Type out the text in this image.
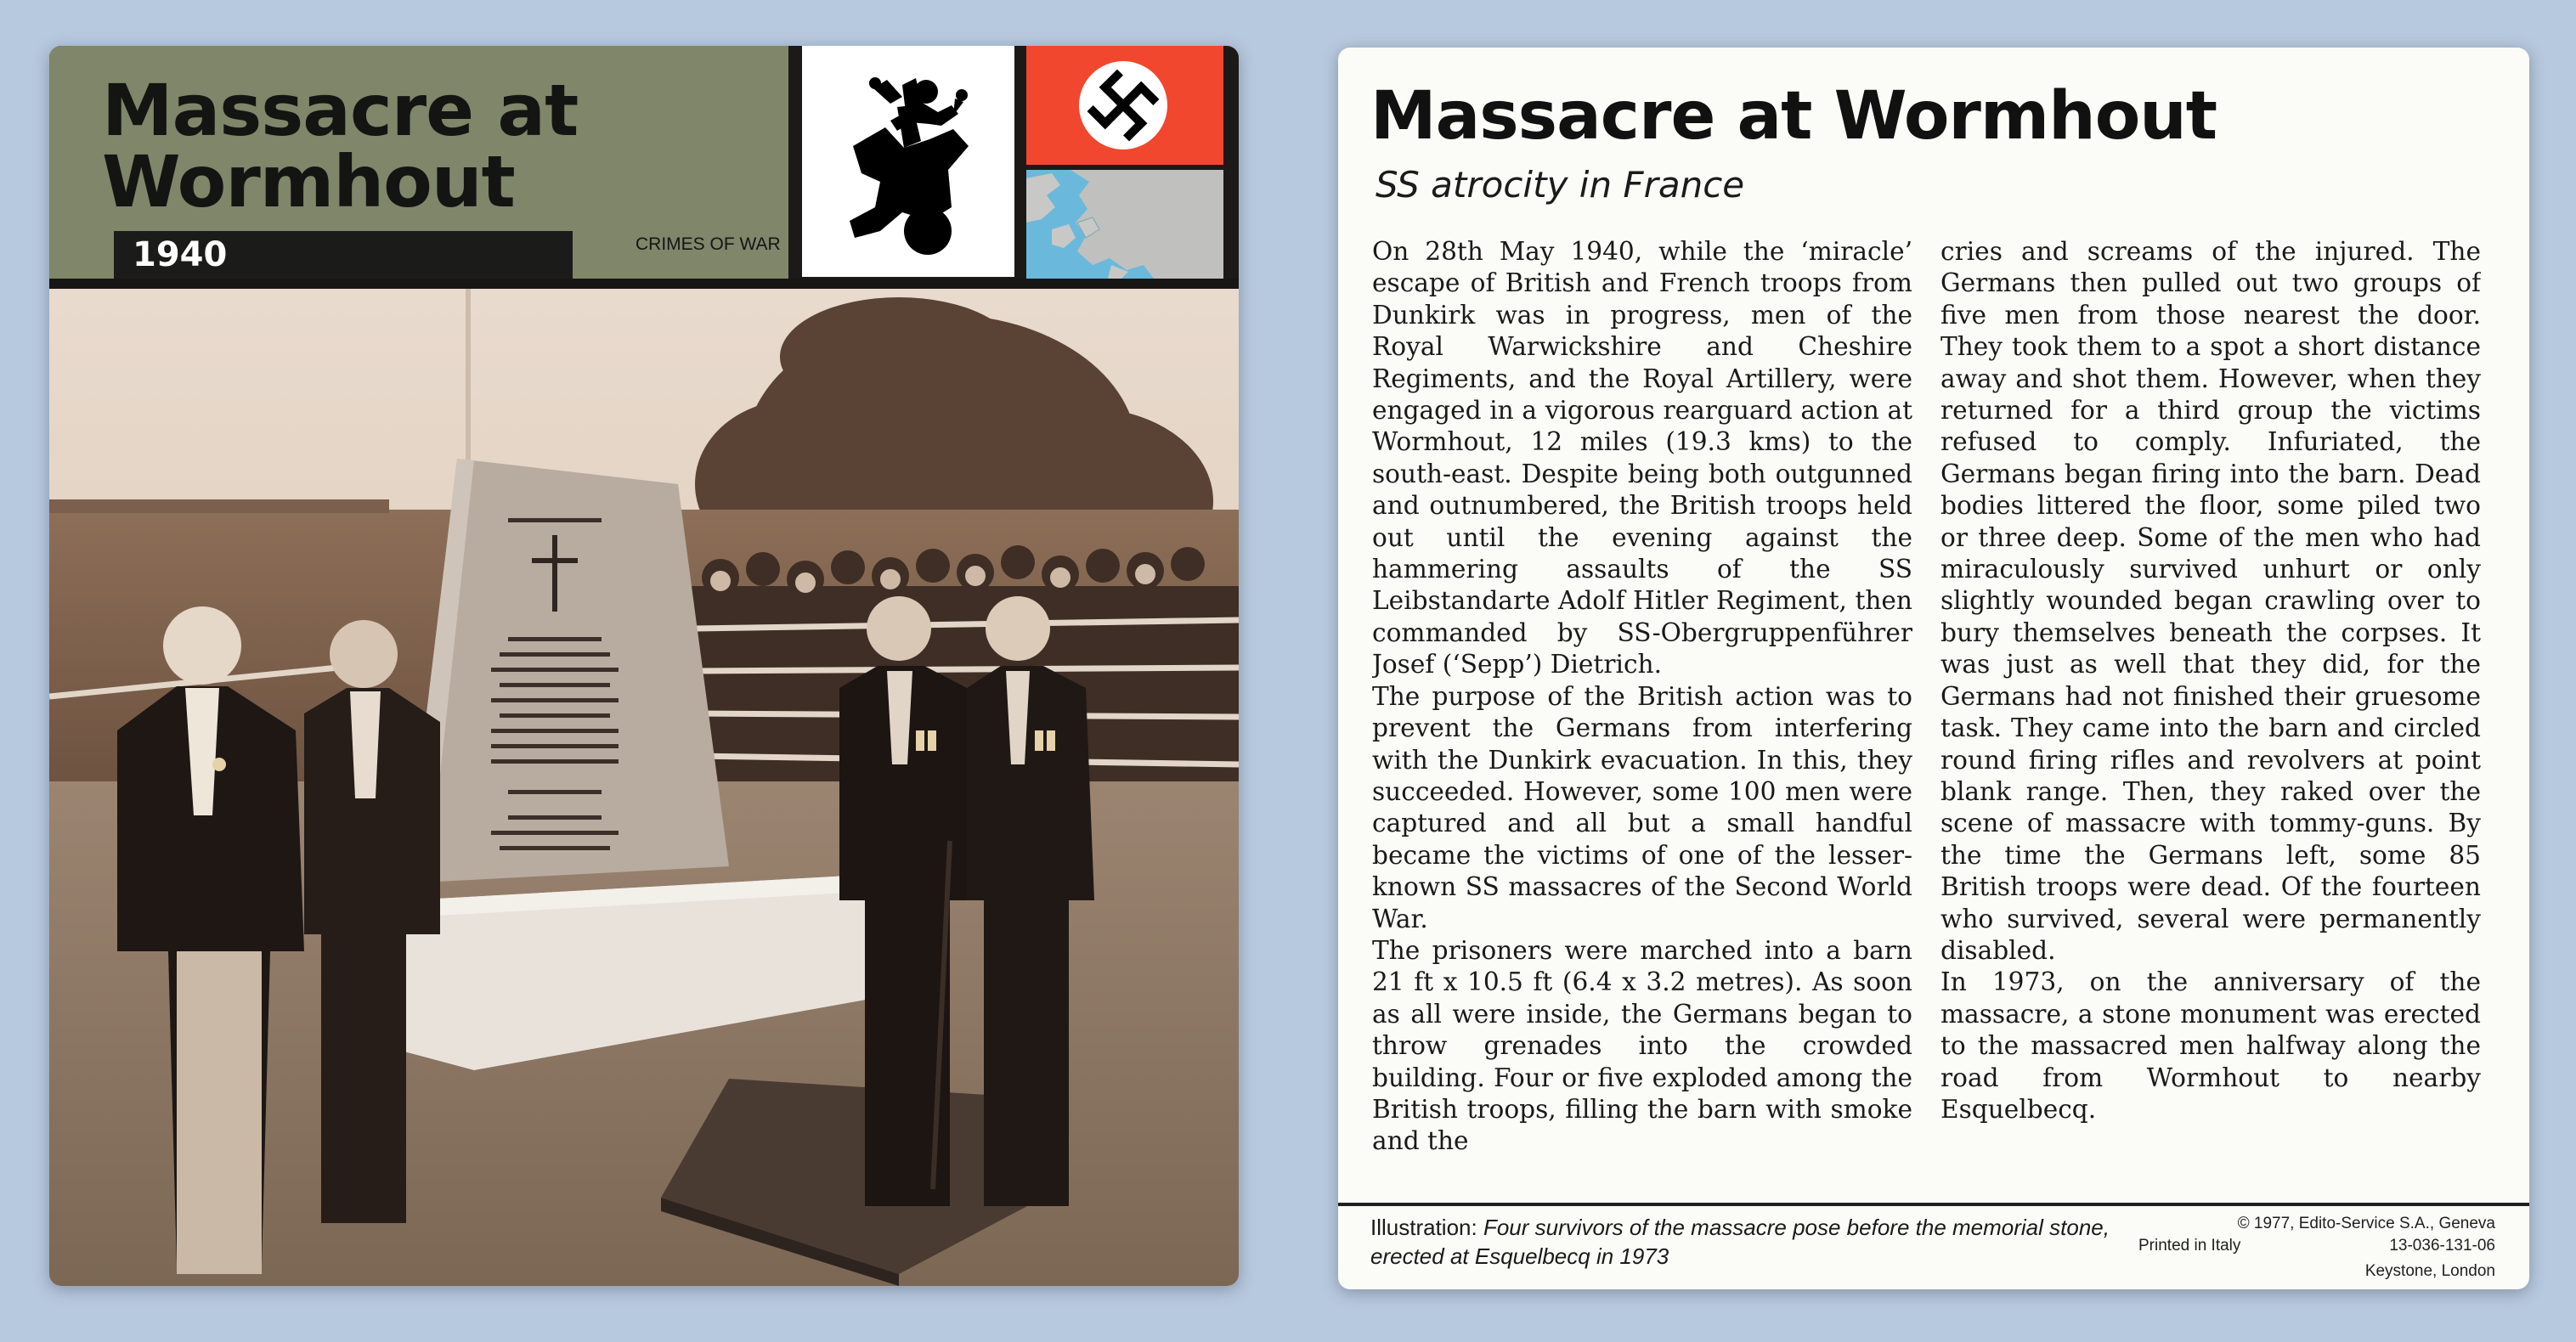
Massacre at Wormhout
1940	CRIMES OF WAR
Massacre at Wormhout

SS atrocity in France

On 28th May 1940, while the ‘miracle’ escape of British and French troops from Dunkirk was in progress, men of the Royal Warwickshire and Cheshire Regiments, and the Royal Artillery, were engaged in a vigorous rearguard action at Wormhout, 12 miles (19.3 kms) to the south-east. Despite being both outgunned and outnumbered, the British troops held out until the evening against the hammering assaults of the SS Leibstandarte Adolf Hitler Regiment, then commanded by SS-Obergruppenführer Josef (‘Sepp’) Dietrich.

The purpose of the British action was to prevent the Germans from interfering with the Dunkirk evacuation. In this, they succeeded. However, some 100 men were captured and all but a small handful became the victims of one of the lesser-known SS massacres of the Second World War.

The prisoners were marched into a barn 21 ft x 10.5 ft (6.4 x 3.2 metres). As soon as all were inside, the Germans began to throw grenades into the crowded building. Four or five exploded among the British troops, filling the barn with smoke and the

cries and screams of the injured. The Germans then pulled out two groups of five men from those nearest the door. They took them to a spot a short distance away and shot them. However, when they returned for a third group the victims refused to comply. Infuriated, the Germans began firing into the barn. Dead bodies littered the floor, some piled two or three deep. Some of the men who had miraculously survived unhurt or only slightly wounded began crawling over to bury themselves beneath the corpses. It was just as well that they did, for the Germans had not finished their gruesome task. They came into the barn and circled round firing rifles and revolvers at point blank range. Then, they raked over the scene of massacre with tommy-guns. By the time the Germans left, some 85 British troops were dead. Of the fourteen who survived, several were permanently disabled.

In 1973, on the anniversary of the massacre, a stone monument was erected to the massacred men halfway along the road from Wormhout to nearby Esquelbecq.

Illustration: Four survivors of the massacre pose before the memorial stone, erected at Esquelbecq in 1973
© 1977, Edito-Service S.A., Geneva
Printed in Italy	13-036-131-06
Keystone, London
